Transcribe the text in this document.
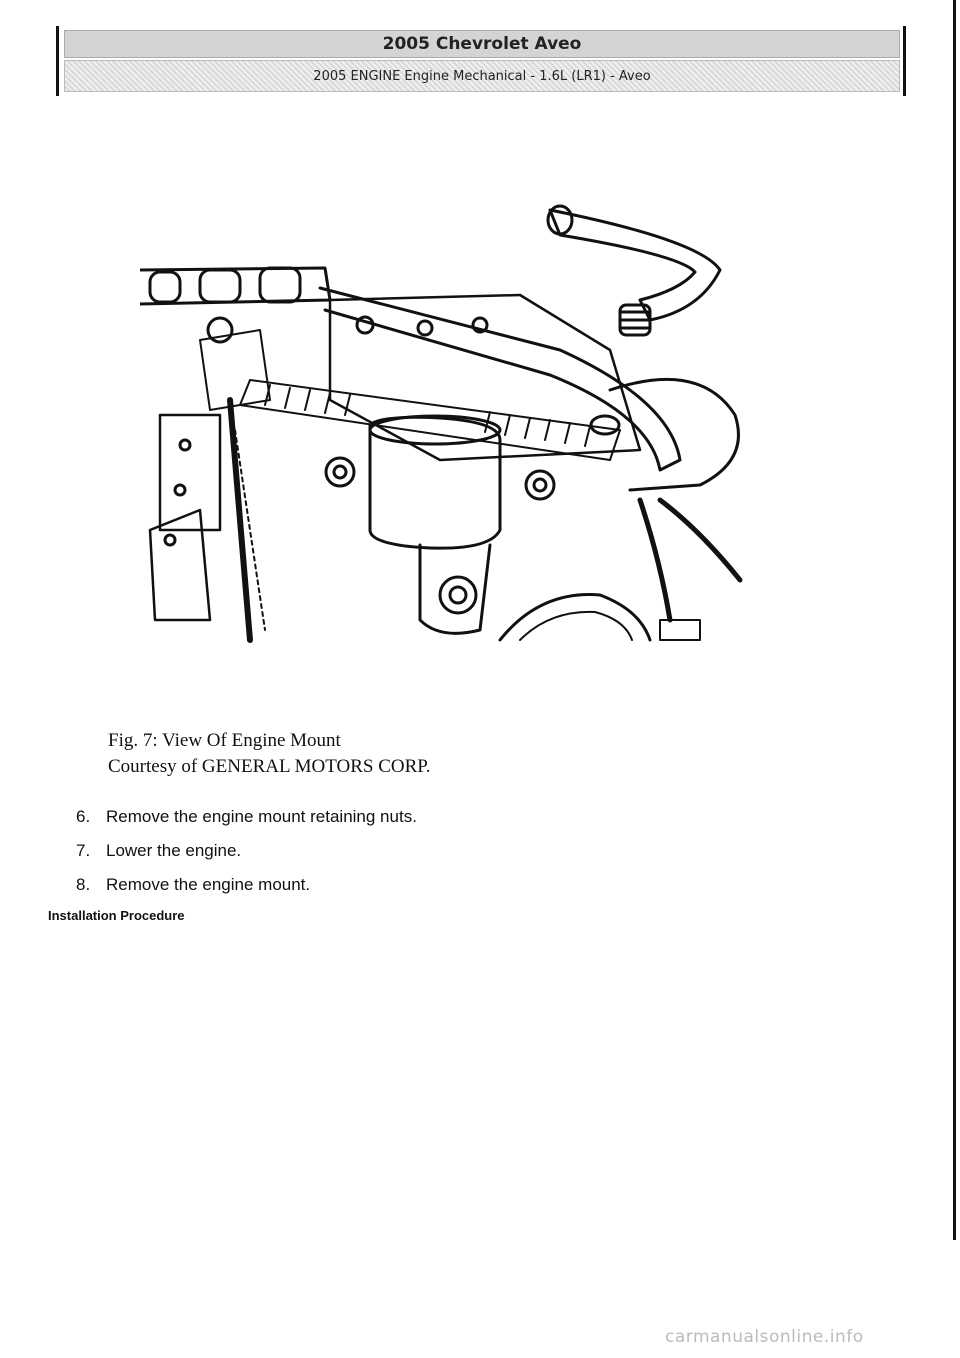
2005 Chevrolet Aveo
2005 ENGINE Engine Mechanical - 1.6L (LR1) - Aveo
Fig. 7: View Of Engine Mount
Courtesy of GENERAL MOTORS CORP.
6. Remove the engine mount retaining nuts.
7. Lower the engine.
8. Remove the engine mount.
Installation Procedure
carmanualsonline.info
